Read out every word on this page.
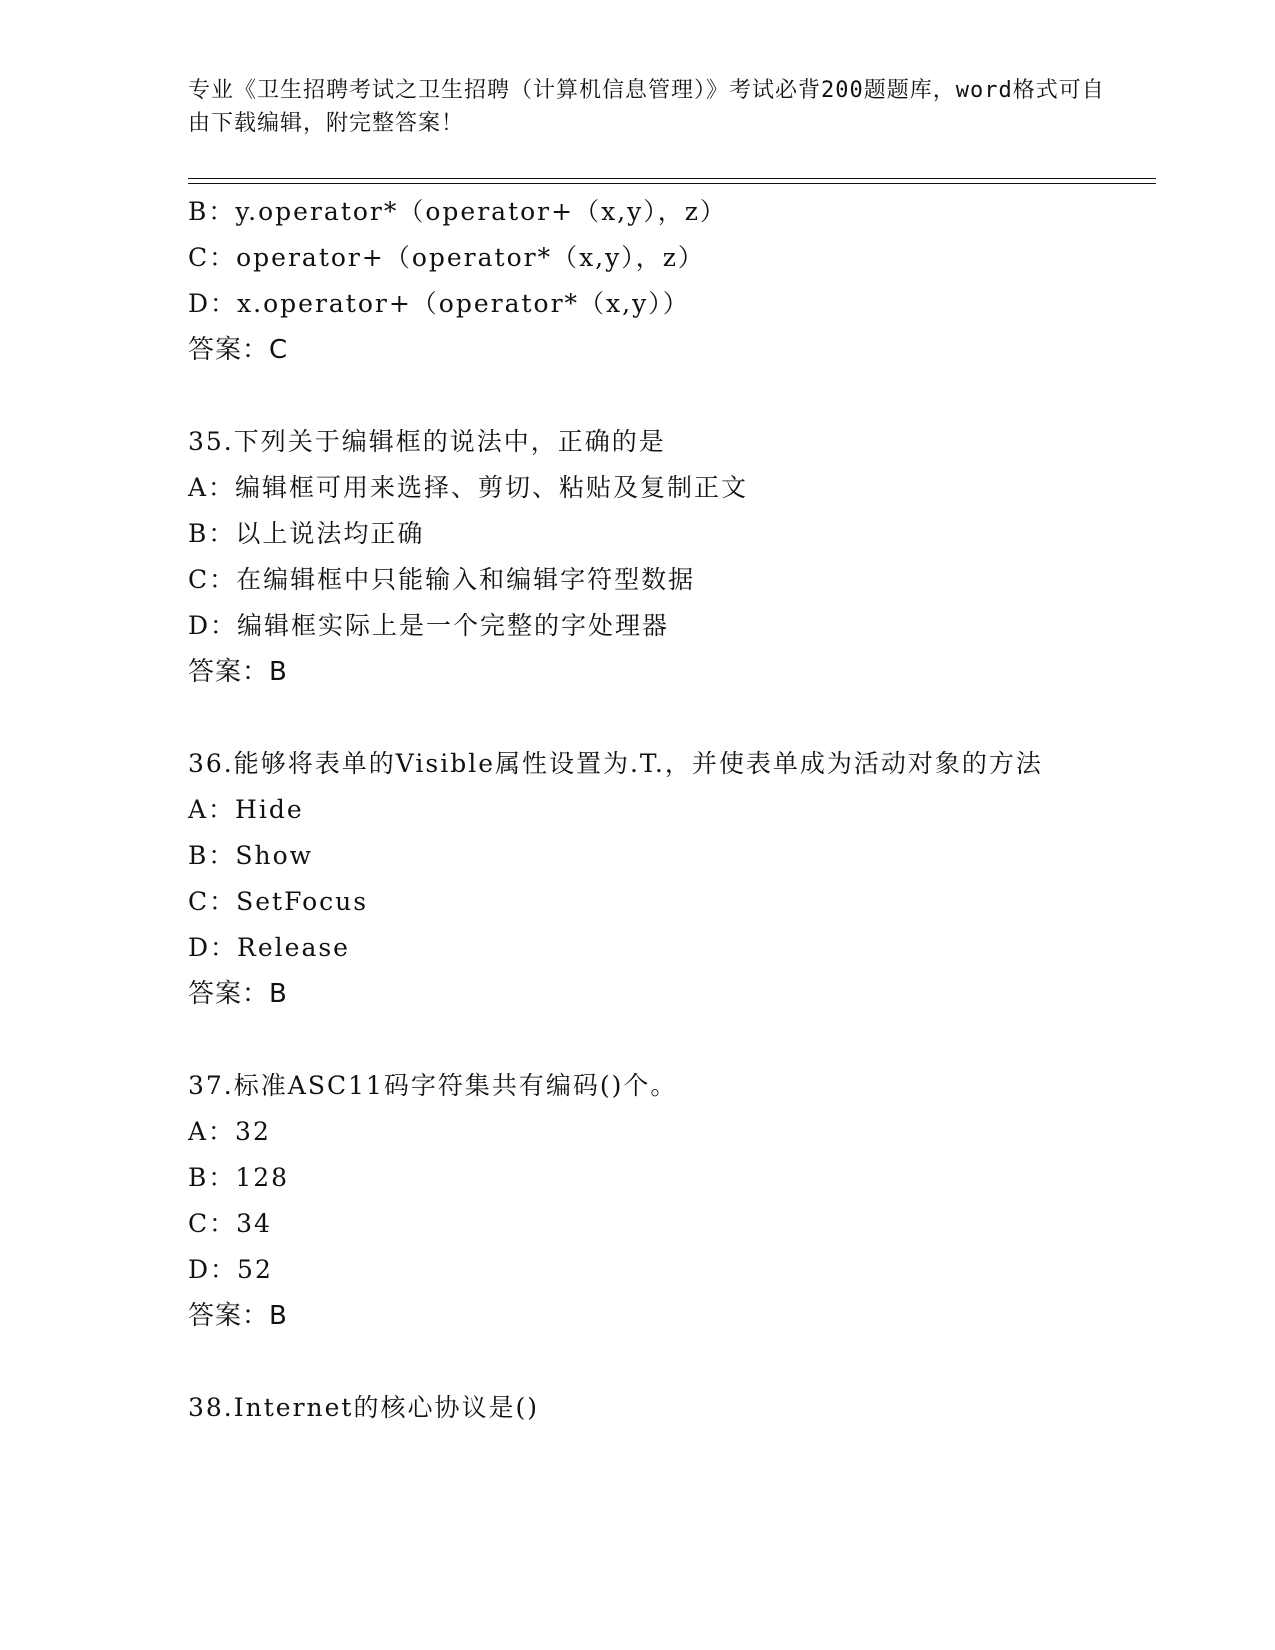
专业《卫生招聘考试之卫生招聘（计算机信息管理）》考试必背200题题库，word格式可自由下载编辑，附完整答案！
B：y.operator*（operator+（x,y），z）
C：operator+（operator*（x,y），z）
D：x.operator+（operator*（x,y））
答案：C
35.下列关于编辑框的说法中，正确的是
A：编辑框可用来选择、剪切、粘贴及复制正文
B：以上说法均正确
C：在编辑框中只能输入和编辑字符型数据
D：编辑框实际上是一个完整的字处理器
答案：B
36.能够将表单的Visible属性设置为.T.，并使表单成为活动对象的方法
A：Hide
B：Show
C：SetFocus
D：Release
答案：B
37.标准ASC11码字符集共有编码()个。
A：32
B：128
C：34
D：52
答案：B
38.Internet的核心协议是()
